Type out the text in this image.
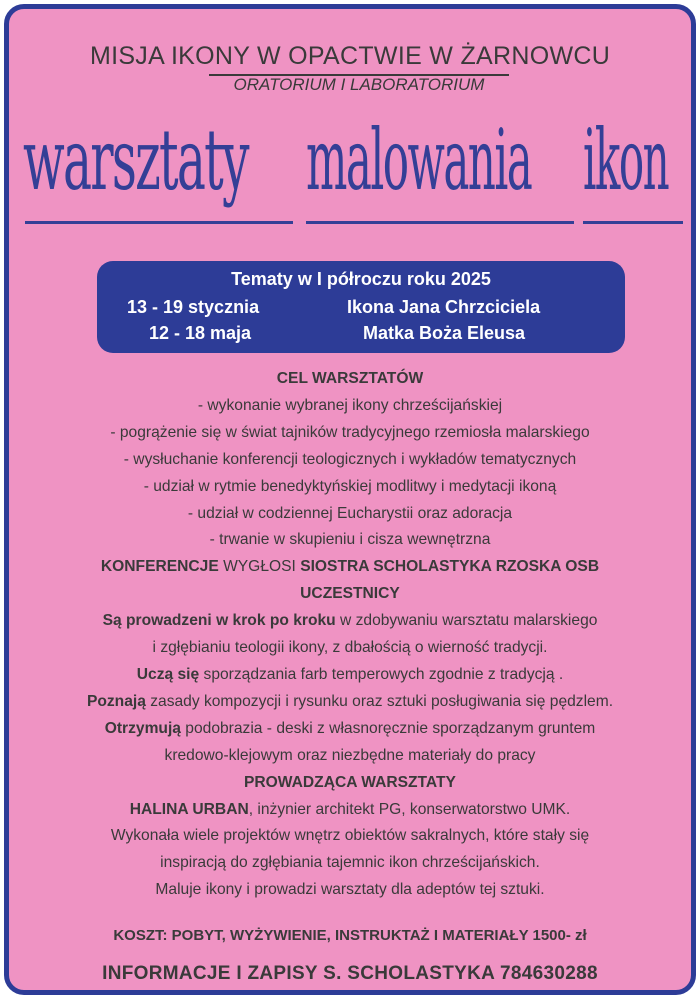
MISJA IKONY W OPACTWIE W ŻARNOWCU
ORATORIUM I LABORATORIUM
warsztaty malowania ikon
Tematy w I półroczu roku 2025
13 - 19 stycznia	Ikona Jana Chrzciciela
12 - 18 maja	Matka Boża Eleusa

CEL WARSZTATÓW

- wykonanie wybranej ikony chrześcijańskiej

- pogrążenie się w świat tajników tradycyjnego rzemiosła malarskiego

- wysłuchanie konferencji teologicznych i wykładów tematycznych

- udział w rytmie benedyktyńskiej modlitwy i medytacji ikoną

- udział w codziennej Eucharystii oraz adoracja

- trwanie w skupieniu i cisza wewnętrzna

KONFERENCJE WYGŁOSI SIOSTRA SCHOLASTYKA RZOSKA OSB

UCZESTNICY

Są prowadzeni w krok po kroku w zdobywaniu warsztatu malarskiego

i zgłębianiu teologii ikony, z dbałością o wierność tradycji.

Uczą się sporządzania farb temperowych zgodnie z tradycją .

Poznają zasady kompozycji i rysunku oraz sztuki posługiwania się pędzlem.

Otrzymują podobrazia - deski z własnoręcznie sporządzanym gruntem

kredowo-klejowym oraz niezbędne materiały do pracy

PROWADZĄCA WARSZTATY

HALINA URBAN, inżynier architekt PG, konserwatorstwo UMK.

Wykonała wiele projektów wnętrz obiektów sakralnych, które stały się

inspiracją do zgłębiania tajemnic ikon chrześcijańskich.

Maluje ikony i prowadzi warsztaty dla adeptów tej sztuki.

KOSZT: POBYT, WYŻYWIENIE, INSTRUKTAŻ I MATERIAŁY 1500- zł
INFORMACJE I ZAPISY S. SCHOLASTYKA 784630288
